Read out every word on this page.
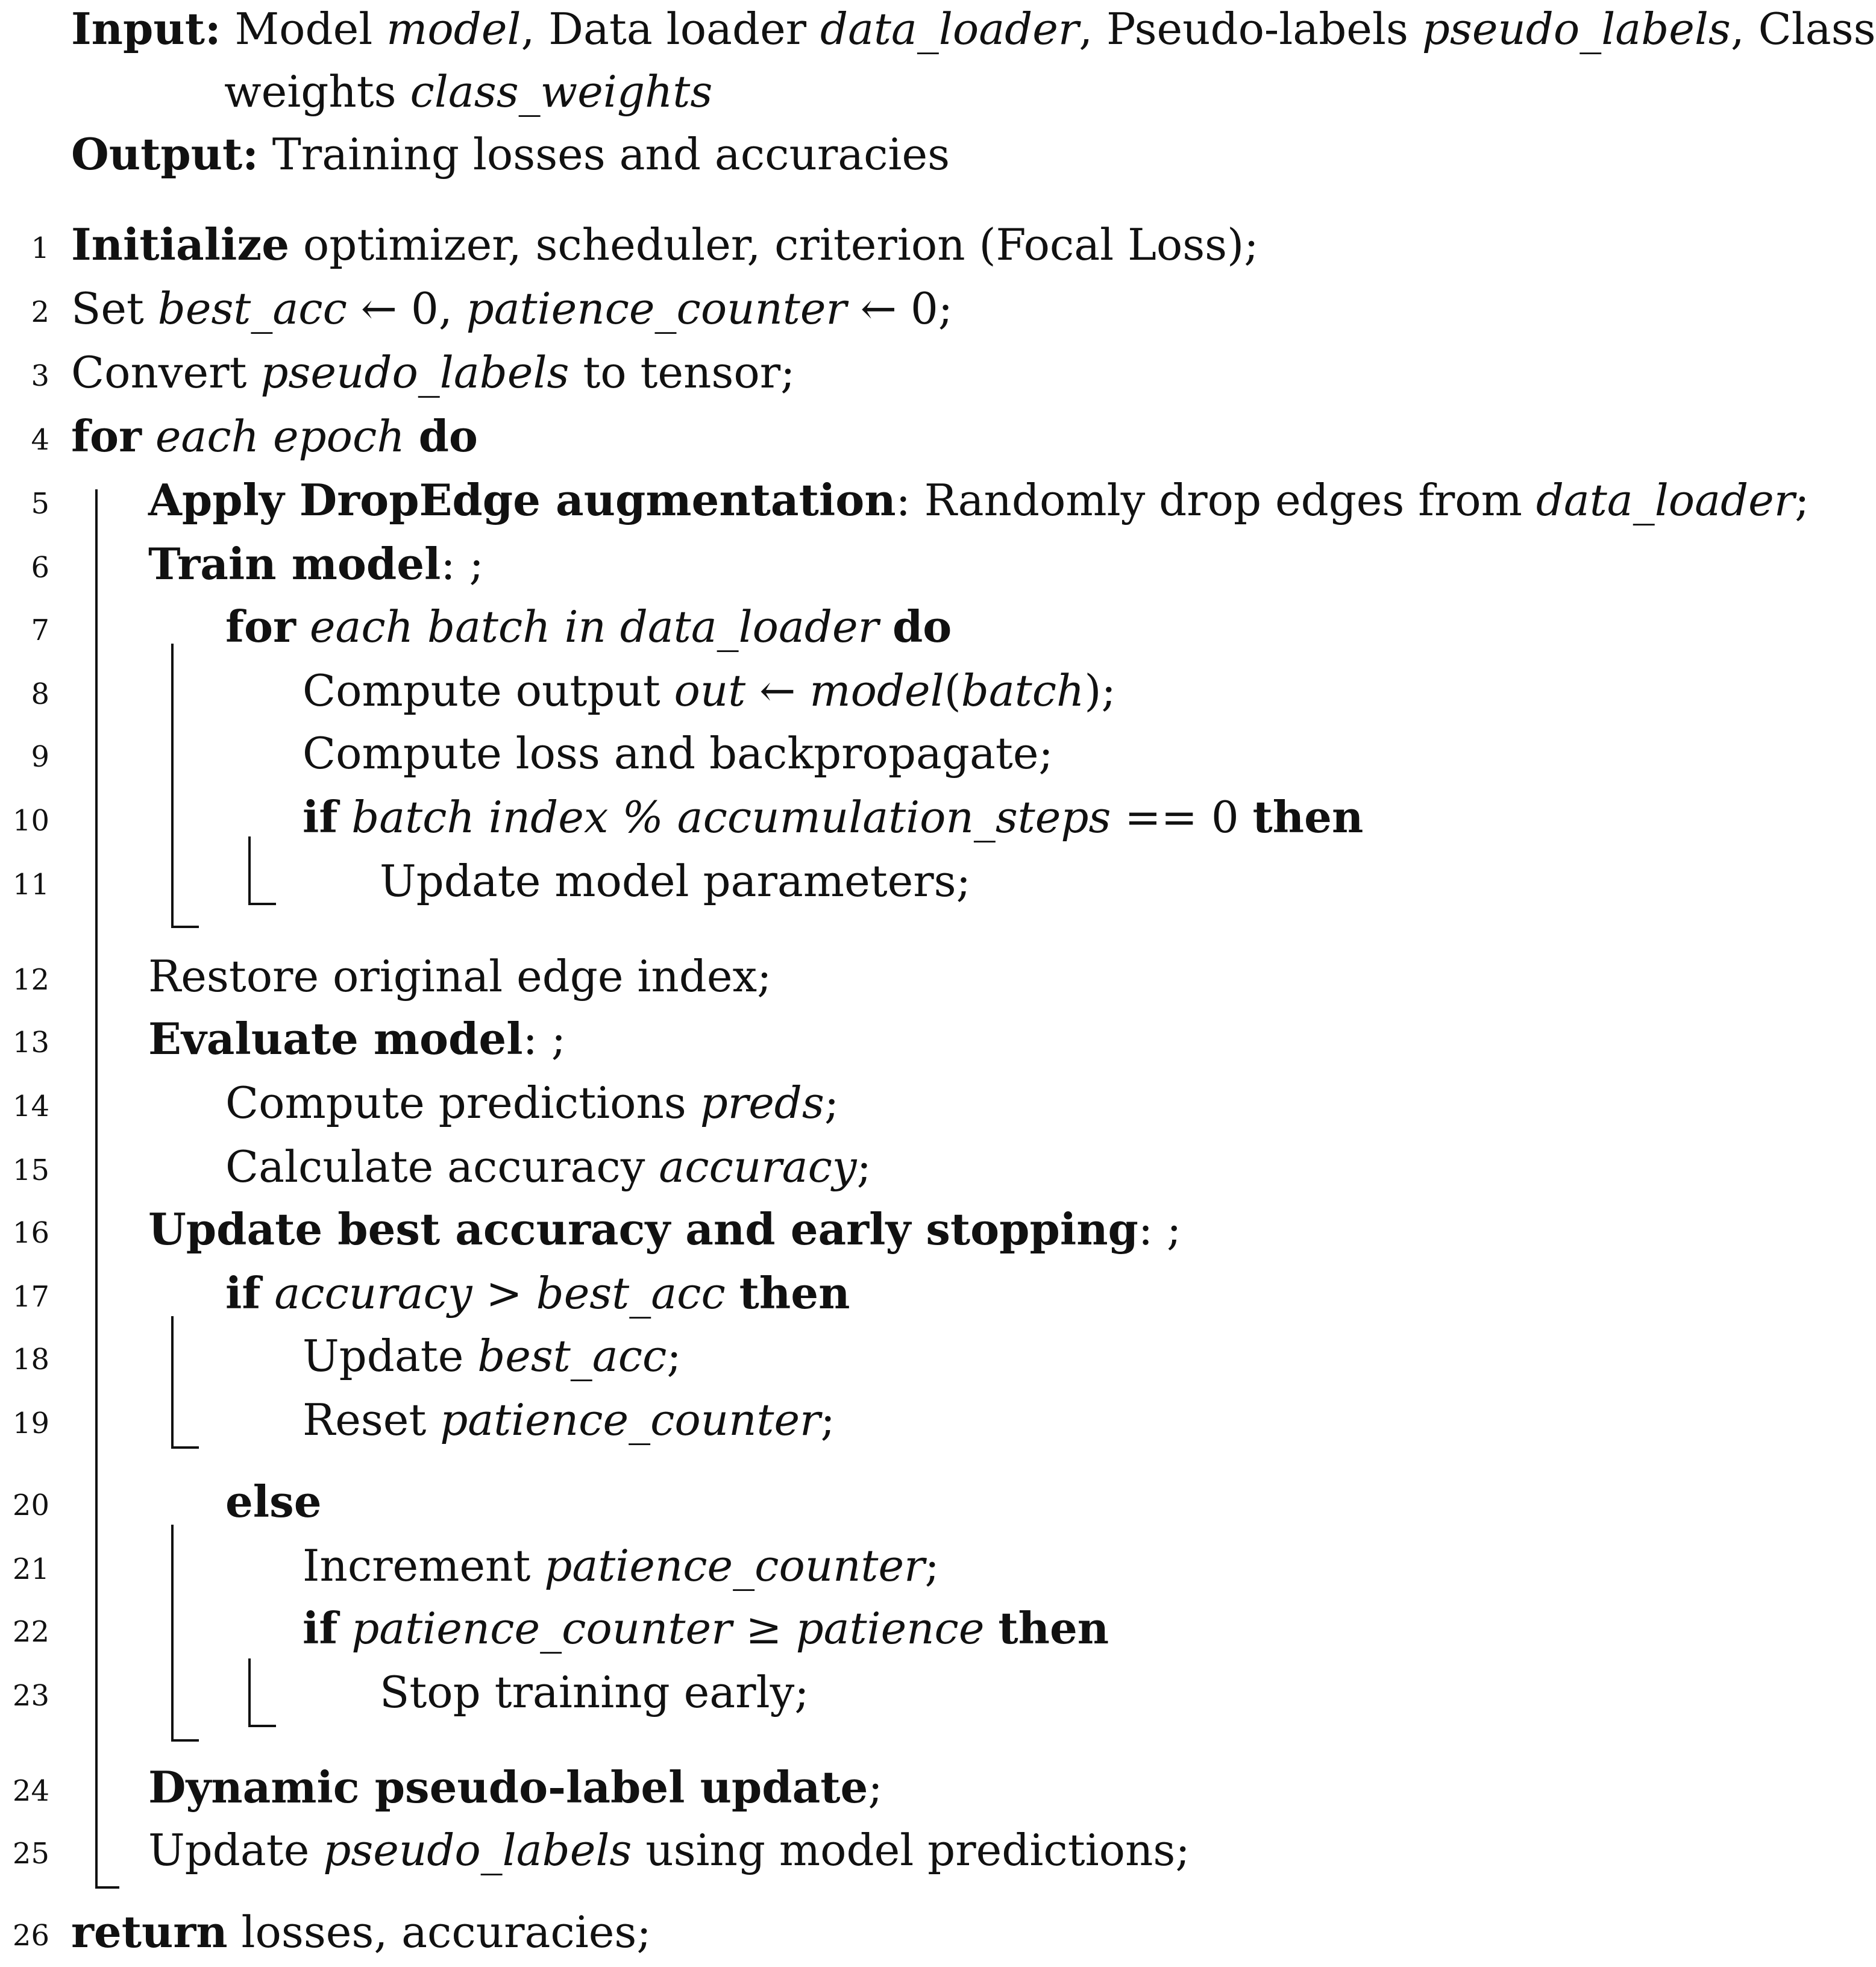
Input: Model model, Data loader data_loader, Pseudo-labels pseudo_labels, Class
weights class_weights
Output: Training losses and accuracies
1 Initialize optimizer, scheduler, criterion (Focal Loss);
2 Set best_acc ← 0, patience_counter ← 0;
3 Convert pseudo_labels to tensor;
4 for each epoch do
5 Apply DropEdge augmentation: Randomly drop edges from data_loader;
6 Train model: ;
7	for each batch in data_loader do
8	Compute output out ← model(batch);
9	Compute loss and backpropagate;
10	if batch index % accumulation_steps == 0 then
11	Update model parameters;
12 Restore original edge index;
13 Evaluate model: ;
14	Compute predictions preds;
15	Calculate accuracy accuracy;
16 Update best accuracy and early stopping: ;
17	if accuracy > best_acc then
18	Update best_acc;
19	Reset patience_counter;
20	else
21	Increment patience_counter;
22	if patience_counter ≥ patience then
23	Stop training early;
24 Dynamic pseudo-label update;
25 Update pseudo_labels using model predictions;
26 return losses, accuracies;
